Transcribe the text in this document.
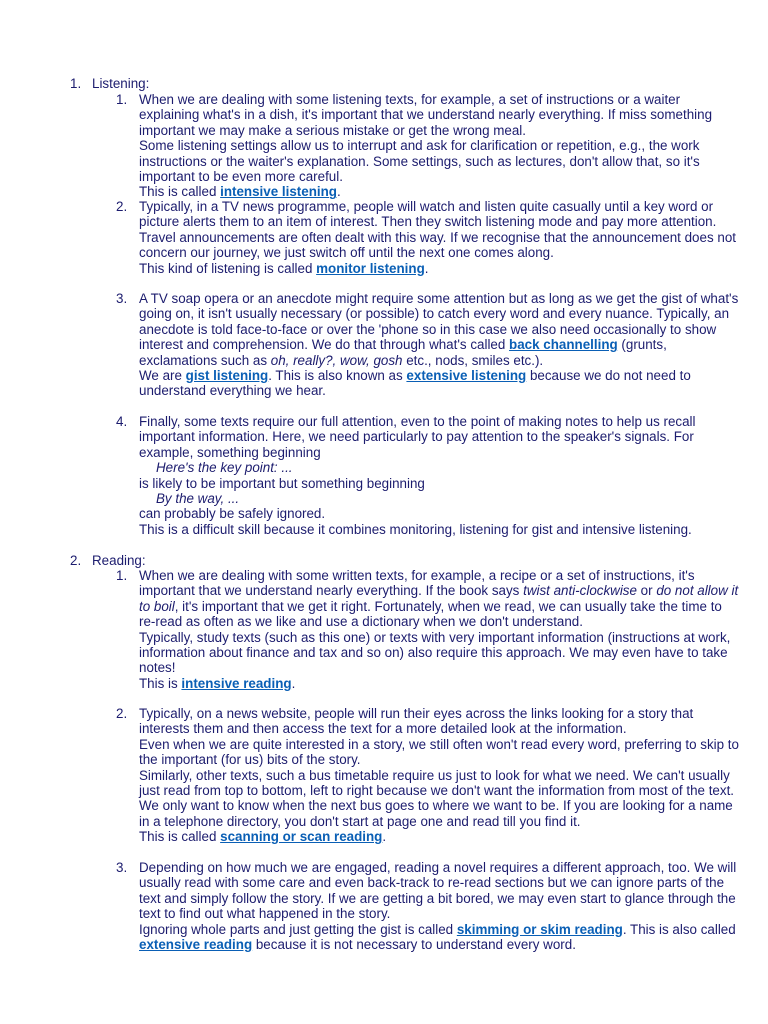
1. Listening:
1. When we are dealing with some listening texts, for example, a set of instructions or a waiter explaining what's in a dish, it's important that we understand nearly everything. If miss something important we may make a serious mistake or get the wrong meal.

Some listening settings allow us to interrupt and ask for clarification or repetition, e.g., the work instructions or the waiter's explanation. Some settings, such as lectures, don't allow that, so it's important to be even more careful.

This is called intensive listening.

2. Typically, in a TV news programme, people will watch and listen quite casually until a key word or picture alerts them to an item of interest. Then they switch listening mode and pay more attention. Travel announcements are often dealt with this way. If we recognise that the announcement does not concern our journey, we just switch off until the next one comes along.

This kind of listening is called monitor listening.

3. A TV soap opera or an anecdote might require some attention but as long as we get the gist of what's going on, it isn't usually necessary (or possible) to catch every word and every nuance. Typically, an anecdote is told face-to-face or over the 'phone so in this case we also need occasionally to show interest and comprehension. We do that through what's called back channelling (grunts, exclamations such as oh, really?, wow, gosh etc., nods, smiles etc.).

We are gist listening. This is also known as extensive listening because we do not need to understand everything we hear.

4. Finally, some texts require our full attention, even to the point of making notes to help us recall important information. Here, we need particularly to pay attention to the speaker's signals. For example, something beginning

Here's the key point: ...

is likely to be important but something beginning

By the way, ...

can probably be safely ignored.

This is a difficult skill because it combines monitoring, listening for gist and intensive listening.

2. Reading:
1. When we are dealing with some written texts, for example, a recipe or a set of instructions, it's important that we understand nearly everything. If the book says twist anti-clockwise or do not allow it to boil, it's important that we get it right. Fortunately, when we read, we can usually take the time to re-read as often as we like and use a dictionary when we don't understand.

Typically, study texts (such as this one) or texts with very important information (instructions at work, information about finance and tax and so on) also require this approach. We may even have to take notes!

This is intensive reading.

2. Typically, on a news website, people will run their eyes across the links looking for a story that interests them and then access the text for a more detailed look at the information.

Even when we are quite interested in a story, we still often won't read every word, preferring to skip to the important (for us) bits of the story.

Similarly, other texts, such a bus timetable require us just to look for what we need. We can't usually just read from top to bottom, left to right because we don't want the information from most of the text. We only want to know when the next bus goes to where we want to be. If you are looking for a name in a telephone directory, you don't start at page one and read till you find it.

This is called scanning or scan reading.

3. Depending on how much we are engaged, reading a novel requires a different approach, too. We will usually read with some care and even back-track to re-read sections but we can ignore parts of the text and simply follow the story. If we are getting a bit bored, we may even start to glance through the text to find out what happened in the story.

Ignoring whole parts and just getting the gist is called skimming or skim reading. This is also called extensive reading because it is not necessary to understand every word.
